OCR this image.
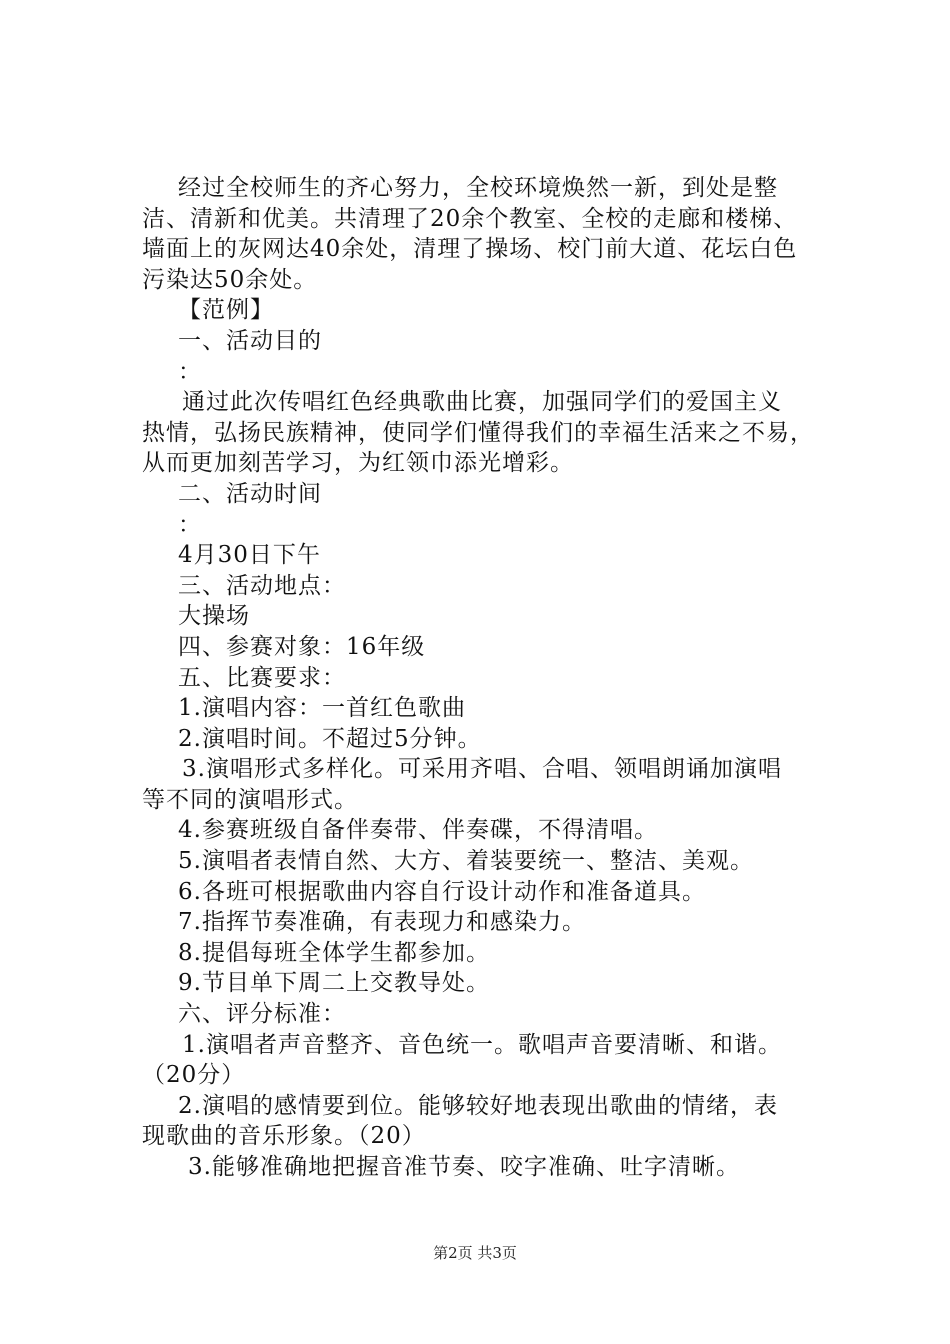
经过全校师生的齐心努力，全校环境焕然一新，到处是整
洁、清新和优美。共清理了20余个教室、全校的走廊和楼梯、
墙面上的灰网达40余处，清理了操场、校门前大道、花坛白色
污染达50余处。
【范例】
一、活动目的
：
通过此次传唱红色经典歌曲比赛，加强同学们的爱国主义
热情，弘扬民族精神，使同学们懂得我们的幸福生活来之不易，
从而更加刻苦学习，为红领巾添光增彩。
二、活动时间
：
4月30日下午
三、活动地点：
大操场
四、参赛对象：16年级
五、比赛要求：
1.演唱内容：一首红色歌曲
2.演唱时间。不超过5分钟。
3.演唱形式多样化。可采用齐唱、合唱、领唱朗诵加演唱
等不同的演唱形式。
4.参赛班级自备伴奏带、伴奏碟，不得清唱。
5.演唱者表情自然、大方、着装要统一、整洁、美观。
6.各班可根据歌曲内容自行设计动作和准备道具。
7.指挥节奏准确，有表现力和感染力。
8.提倡每班全体学生都参加。
9.节目单下周二上交教导处。
六、评分标准：
1.演唱者声音整齐、音色统一。歌唱声音要清晰、和谐。
（20分）
2.演唱的感情要到位。能够较好地表现出歌曲的情绪，表
现歌曲的音乐形象。（20）
3.能够准确地把握音准节奏、咬字准确、吐字清晰。
第2页 共3页
